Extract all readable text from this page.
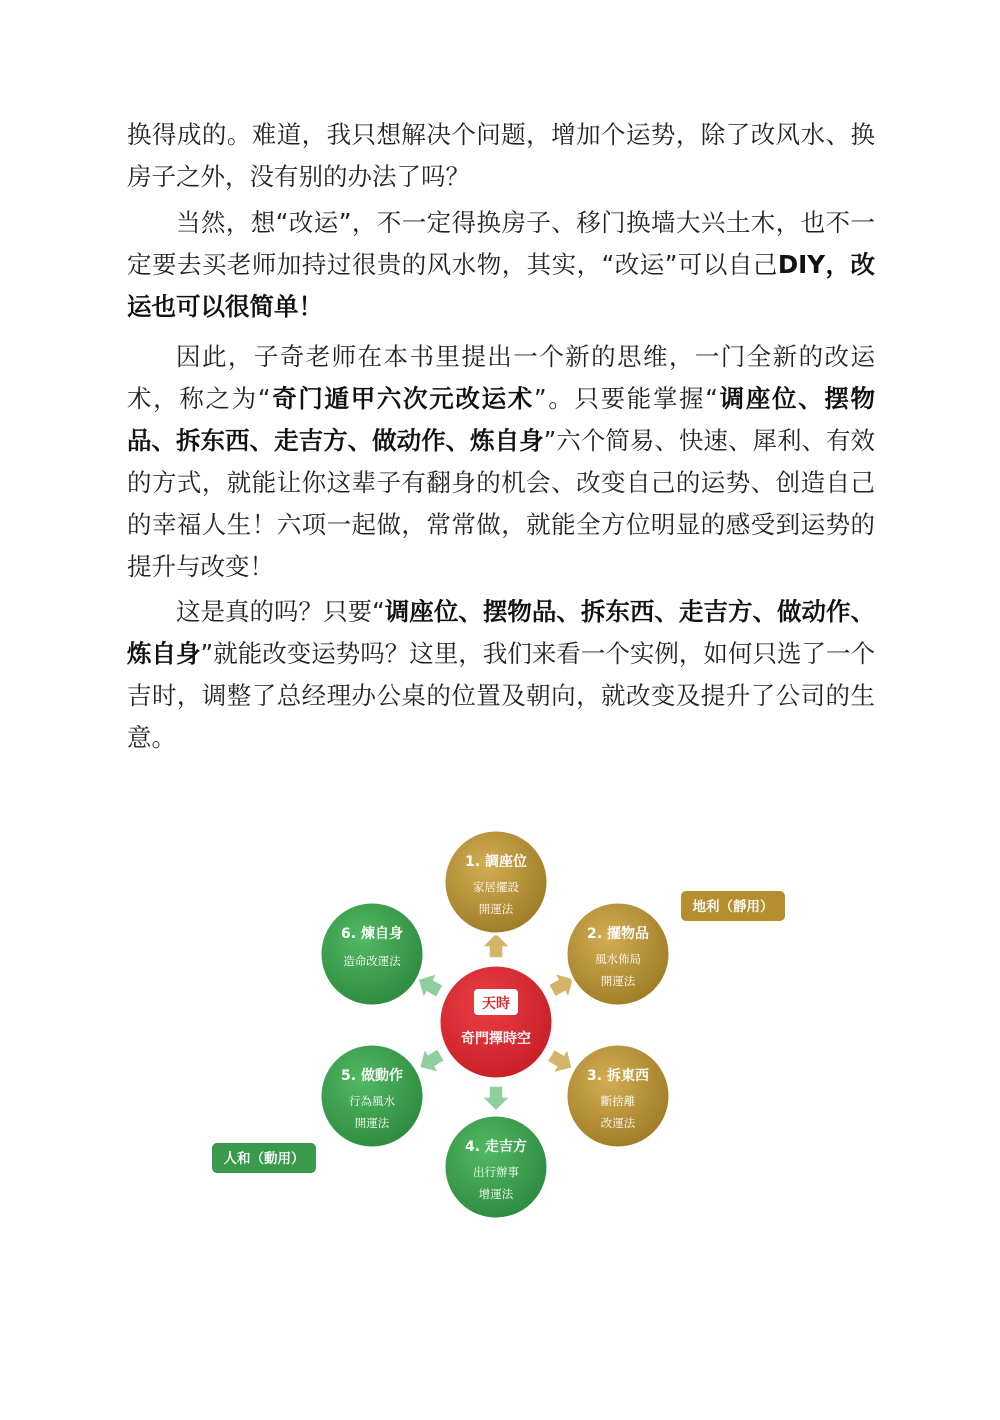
换得成的。难道，我只想解决个问题，增加个运势，除了改风水、换房子之外，没有别的办法了吗？

当然，想“改运”，不一定得换房子、移门换墙大兴土木，也不一定要去买老师加持过很贵的风水物，其实，“改运”可以自己DIY，改运也可以很简单！

因此，子奇老师在本书里提出一个新的思维，一门全新的改运术，称之为“奇门遁甲六次元改运术”。只要能掌握“调座位、摆物品、拆东西、走吉方、做动作、炼自身”六个简易、快速、犀利、有效的方式，就能让你这辈子有翻身的机会、改变自己的运势、创造自己的幸福人生！六项一起做，常常做，就能全方位明显的感受到运势的提升与改变！

这是真的吗？只要“调座位、摆物品、拆东西、走吉方、做动作、炼自身”就能改变运势吗？这里，我们来看一个实例，如何只选了一个吉时，调整了总经理办公桌的位置及朝向，就改变及提升了公司的生意。

1. 調座位
家居擺設
開運法
2. 擺物品
風水佈局
開運法
3. 拆東西
斷捨離
改運法
4. 走吉方
出行辦事
增運法
5. 做動作
行為風水
開運法
6. 煉自身
造命改運法
天時
奇門擇時空
地利（靜用）
人和（動用）
